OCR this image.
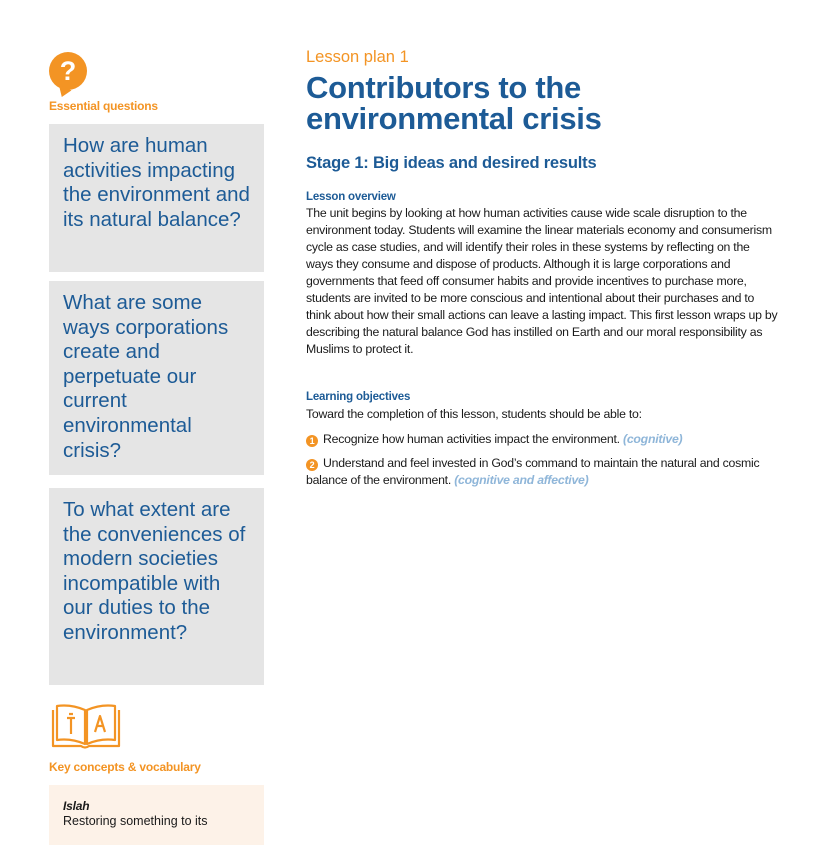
?
Essential questions
How are human activities impacting the environment and its natural balance?
What are some ways corporations create and perpetuate our current environmental crisis?
To what extent are the conveniences of modern societies incompatible with our duties to the environment?
Key concepts & vocabulary
Islah
Restoring something to its
Lesson plan 1
Contributors to the environmental crisis
Stage 1: Big ideas and desired results
Lesson overview
The unit begins by looking at how human activities cause wide scale disruption to the environment today. Students will examine the linear materials economy and consumerism cycle as case studies, and will identify their roles in these systems by reflecting on the ways they consume and dispose of products. Although it is large corporations and governments that feed off consumer habits and provide incentives to purchase more, students are invited to be more conscious and intentional about their purchases and to think about how their small actions can leave a lasting impact. This first lesson wraps up by describing the natural balance God has instilled on Earth and our moral responsibility as Muslims to protect it.
Learning objectives
Toward the completion of this lesson, students should be able to:
1 Recognize how human activities impact the environment. (cognitive)
2 Understand and feel invested in God’s command to maintain the natural and cosmic balance of the environment. (cognitive and affective)
